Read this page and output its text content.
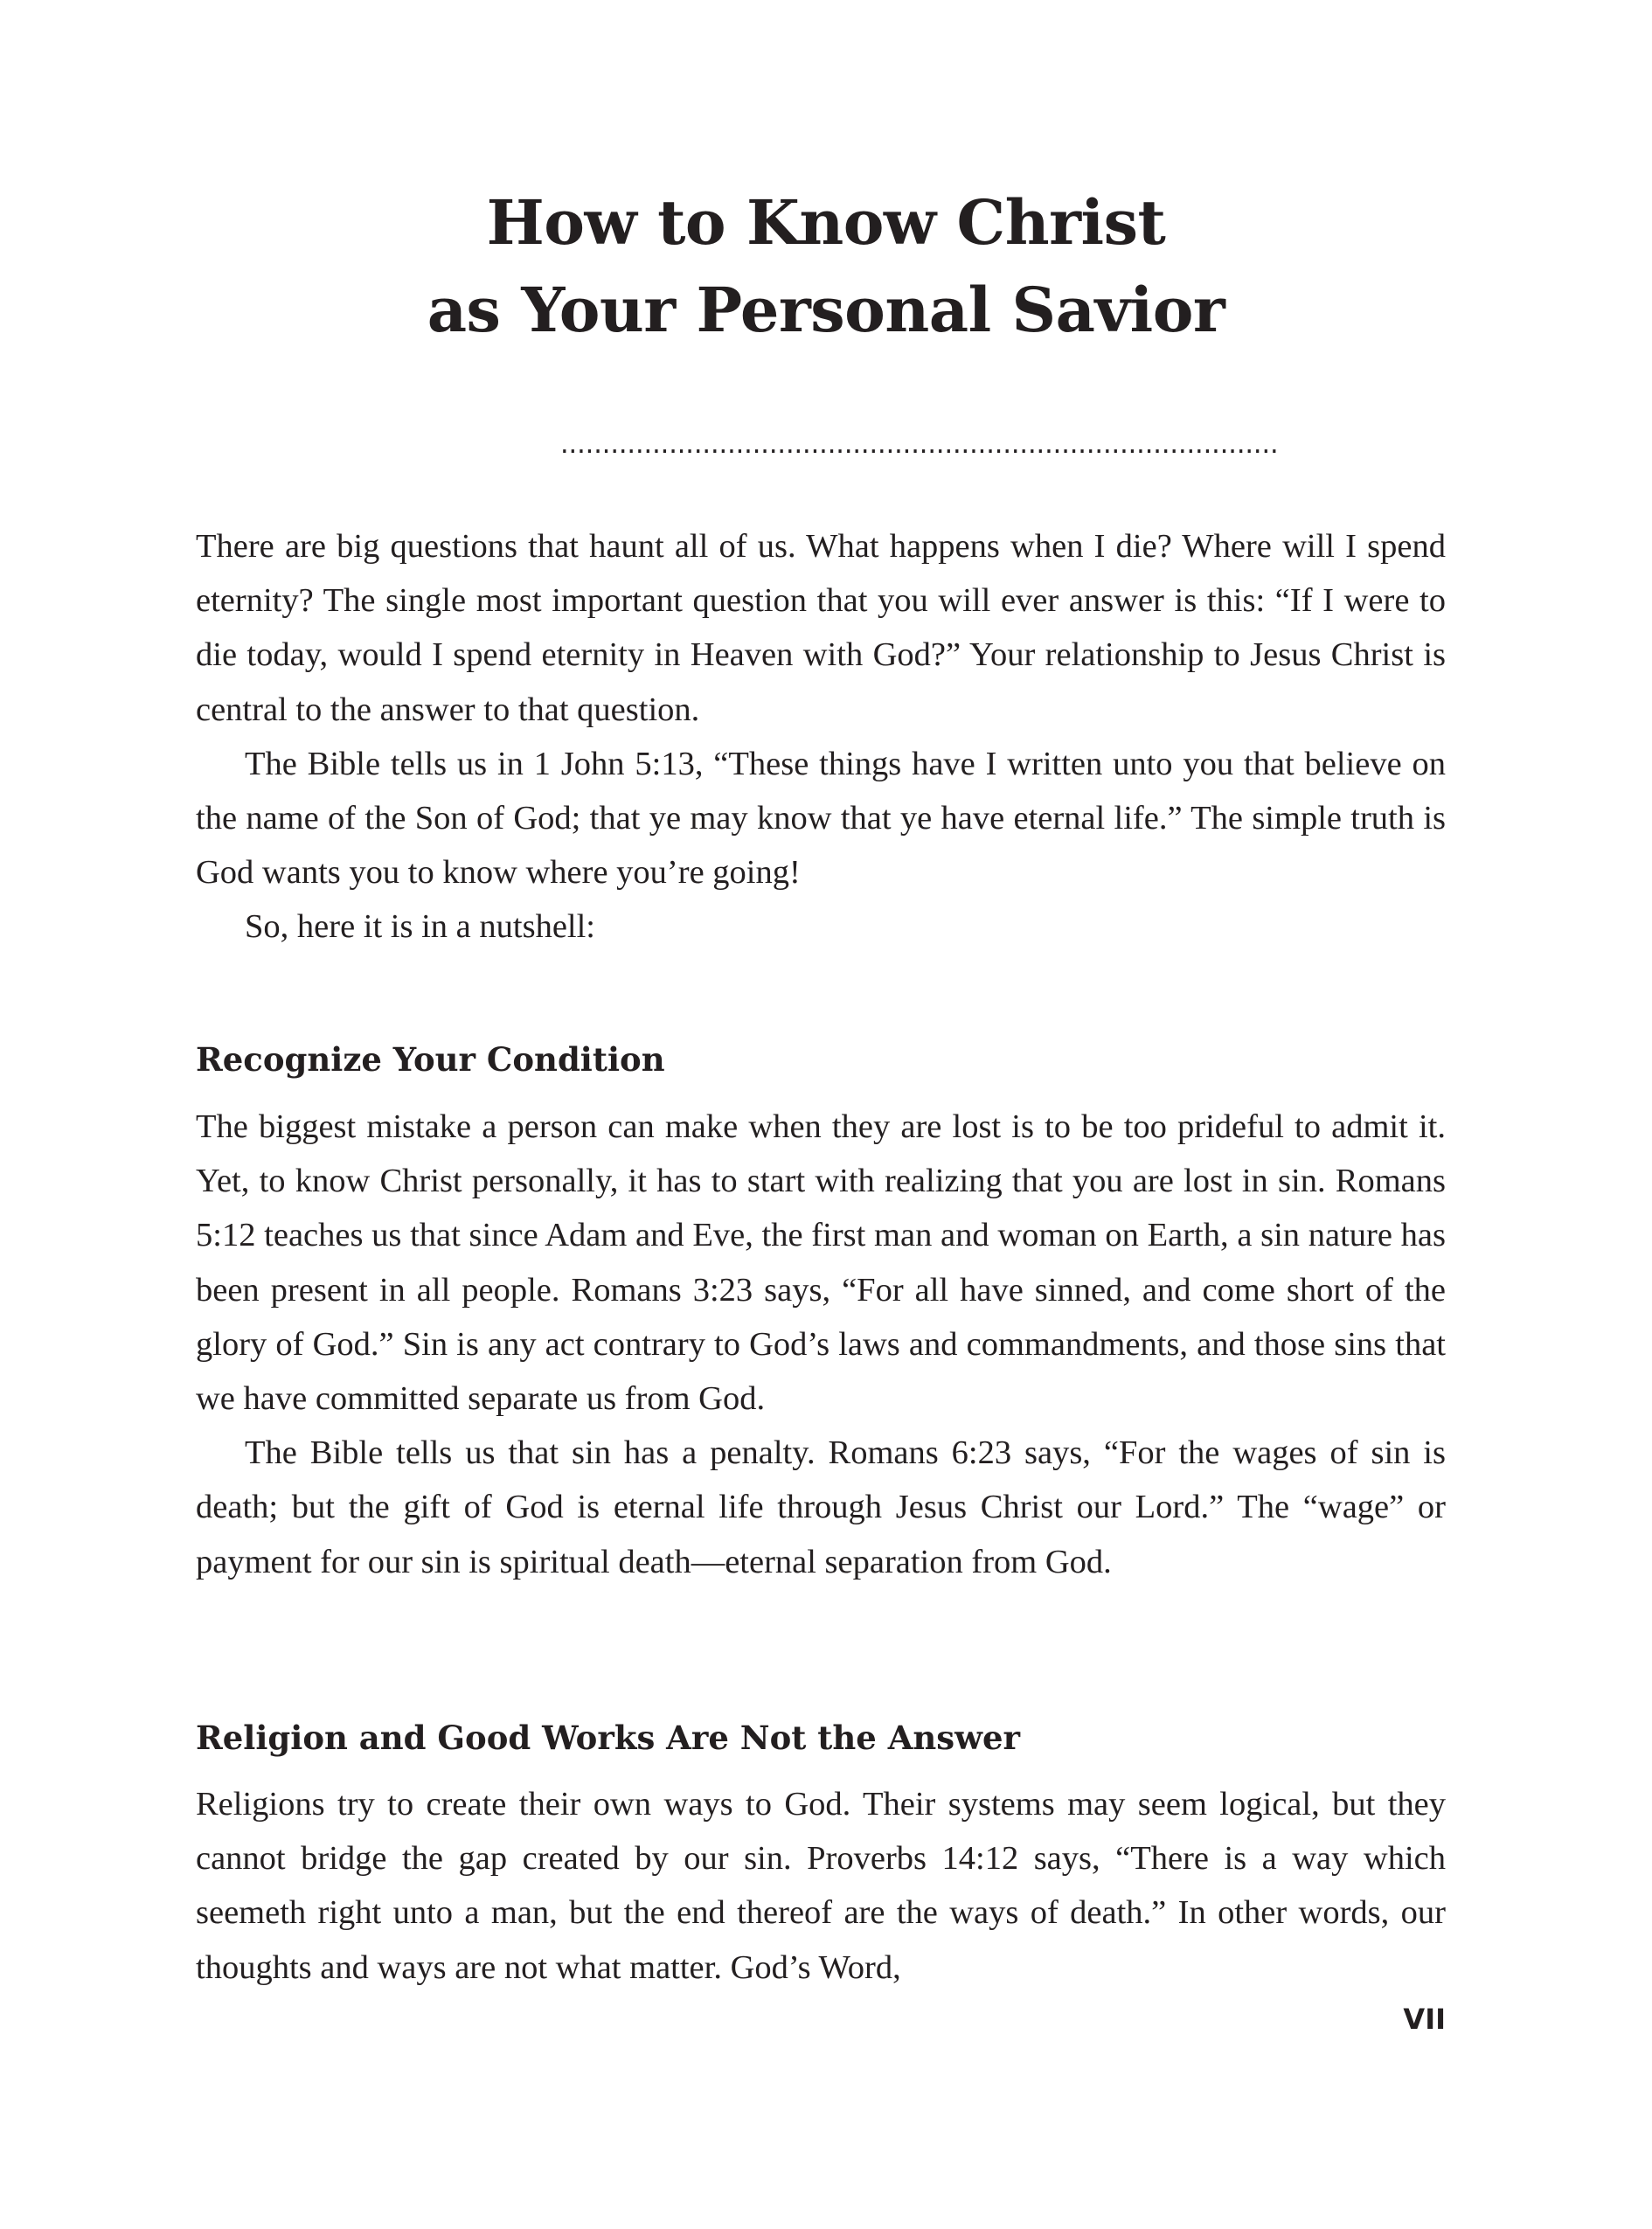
How to Know Christ
as Your Personal Savior
......................................................................................

There are big questions that haunt all of us. What happens when I die? Where will I spend eternity? The single most important question that you will ever answer is this: “If I were to die today, would I spend eternity in Heaven with God?” Your relationship to Jesus Christ is central to the answer to that question.

The Bible tells us in 1 John 5:13, “These things have I written unto you that believe on the name of the Son of God; that ye may know that ye have eternal life.” The simple truth is God wants you to know where you’re going!

So, here it is in a nutshell:

Recognize Your Condition

The biggest mistake a person can make when they are lost is to be too prideful to admit it. Yet, to know Christ personally, it has to start with realizing that you are lost in sin. Romans 5:12 teaches us that since Adam and Eve, the first man and woman on Earth, a sin nature has been present in all people. Romans 3:23 says, “For all have sinned, and come short of the glory of God.” Sin is any act contrary to God’s laws and commandments, and those sins that we have committed separate us from God.

The Bible tells us that sin has a penalty. Romans 6:23 says, “For the wages of sin is death; but the gift of God is eternal life through Jesus Christ our Lord.” The “wage” or payment for our sin is spiritual death—eternal separation from God.

Religion and Good Works Are Not the Answer

Religions try to create their own ways to God. Their systems may seem logical, but they cannot bridge the gap created by our sin. Proverbs 14:12 says, “There is a way which seemeth right unto a man, but the end thereof are the ways of death.” In other words, our thoughts and ways are not what matter. God’s Word,

VII
